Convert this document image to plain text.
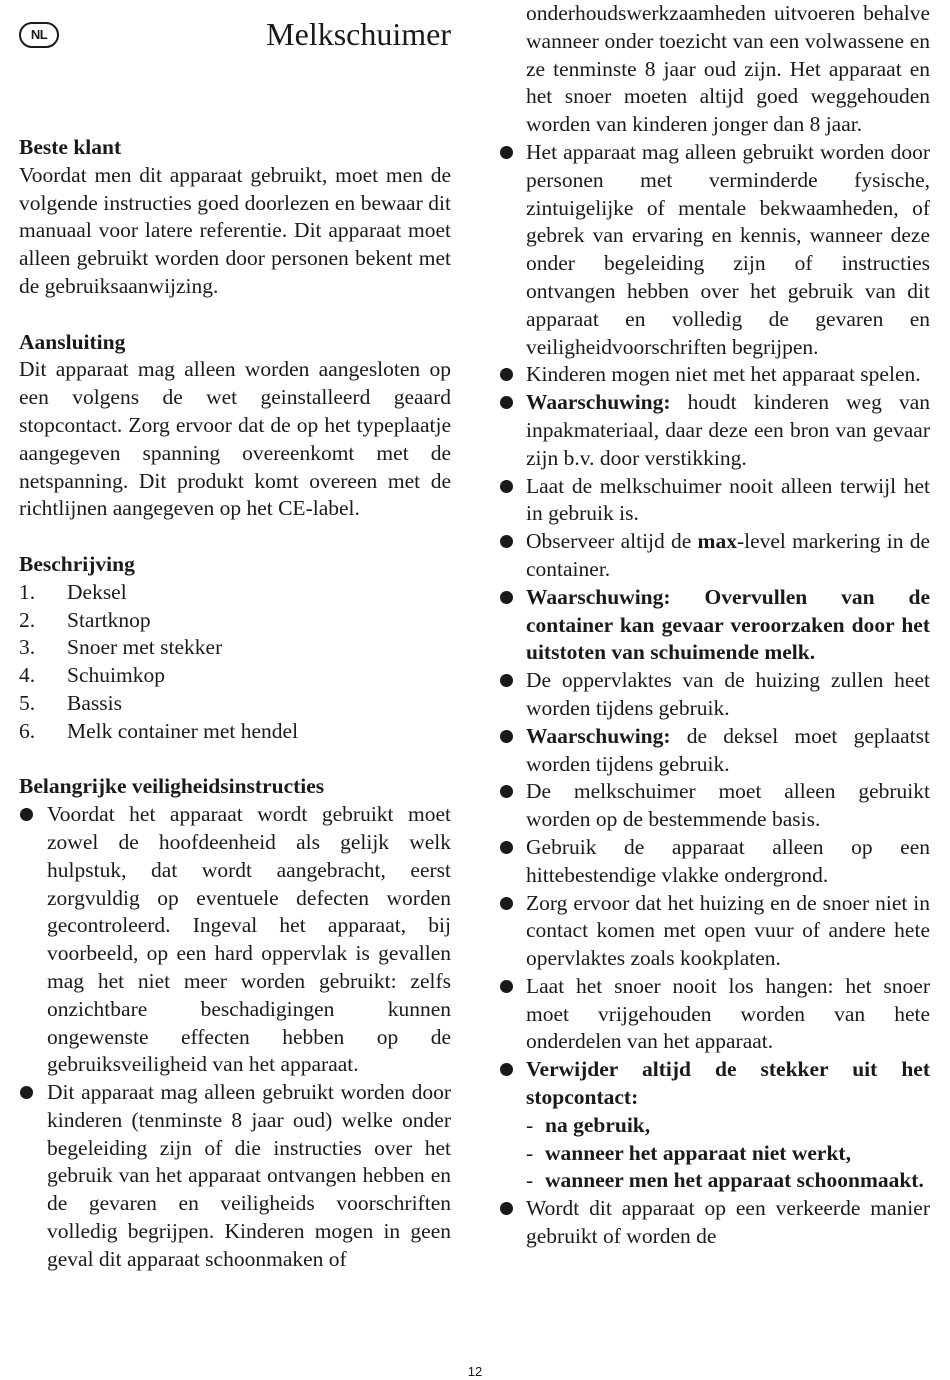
NL	Melkschuimer
Beste klant

Voordat men dit apparaat gebruikt, moet men de volgende instructies goed doorlezen en bewaar dit manuaal voor latere referentie. Dit apparaat moet alleen gebruikt worden door personen bekent met de gebruiksaanwijzing.

Aansluiting

Dit apparaat mag alleen worden aangesloten op een volgens de wet geinstalleerd geaard stopcontact. Zorg ervoor dat de op het typeplaatje aangegeven spanning overeenkomt met de netspanning. Dit produkt komt overeen met de richtlijnen aangegeven op het CE-label.

Beschrijving
1.	Deksel
2.	Startknop
3.	Snoer met stekker
4.	Schuimkop
5.	Bassis
6.	Melk container met hendel
Belangrijke veiligheidsinstructies
Voordat het apparaat wordt gebruikt moet zowel de hoofdeenheid als gelijk welk hulpstuk, dat wordt aangebracht, eerst zorgvuldig op eventuele defecten worden gecontroleerd. Ingeval het apparaat, bij voorbeeld, op een hard oppervlak is gevallen mag het niet meer worden gebruikt: zelfs onzichtbare beschadigingen kunnen ongewenste effecten hebben op de gebruiksveiligheid van het apparaat.
Dit apparaat mag alleen gebruikt worden door kinderen (tenminste 8 jaar oud) welke onder begeleiding zijn of die instructies over het gebruik van het apparaat ontvangen hebben en de gevaren en veiligheids voorschriften volledig begrijpen. Kinderen mogen in geen geval dit apparaat schoonmaken of
onderhoudswerkzaamheden uitvoeren behalve wanneer onder toezicht van een volwassene en ze tenminste 8 jaar oud zijn. Het apparaat en het snoer moeten altijd goed weggehouden worden van kinderen jonger dan 8 jaar.
Het apparaat mag alleen gebruikt worden door personen met verminderde fysische, zintuigelijke of mentale bekwaamheden, of gebrek van ervaring en kennis, wanneer deze onder begeleiding zijn of instructies ontvangen hebben over het gebruik van dit apparaat en volledig de gevaren en veiligheidvoorschriften begrijpen.
Kinderen mogen niet met het apparaat spelen.
Waarschuwing: houdt kinderen weg van inpakmateriaal, daar deze een bron van gevaar zijn b.v. door verstikking.
Laat de melkschuimer nooit alleen terwijl het in gebruik is.
Observeer altijd de max-level markering in de container.
Waarschuwing: Overvullen van de container kan gevaar veroorzaken door het uitstoten van schuimende melk.
De oppervlaktes van de huizing zullen heet worden tijdens gebruik.
Waarschuwing: de deksel moet geplaatst worden tijdens gebruik.
De melkschuimer moet alleen gebruikt worden op de bestemmende basis.
Gebruik de apparaat alleen op een hittebestendige vlakke ondergrond.
Zorg ervoor dat het huizing en de snoer niet in contact komen met open vuur of andere hete opervlaktes zoals kookplaten.
Laat het snoer nooit los hangen: het snoer moet vrijgehouden worden van hete onderdelen van het apparaat.
Verwijder altijd de stekker uit het stopcontact:
- na gebruik,
- wanneer het apparaat niet werkt,
- wanneer men het apparaat schoonmaakt.
Wordt dit apparaat op een verkeerde manier gebruikt of worden de
12
